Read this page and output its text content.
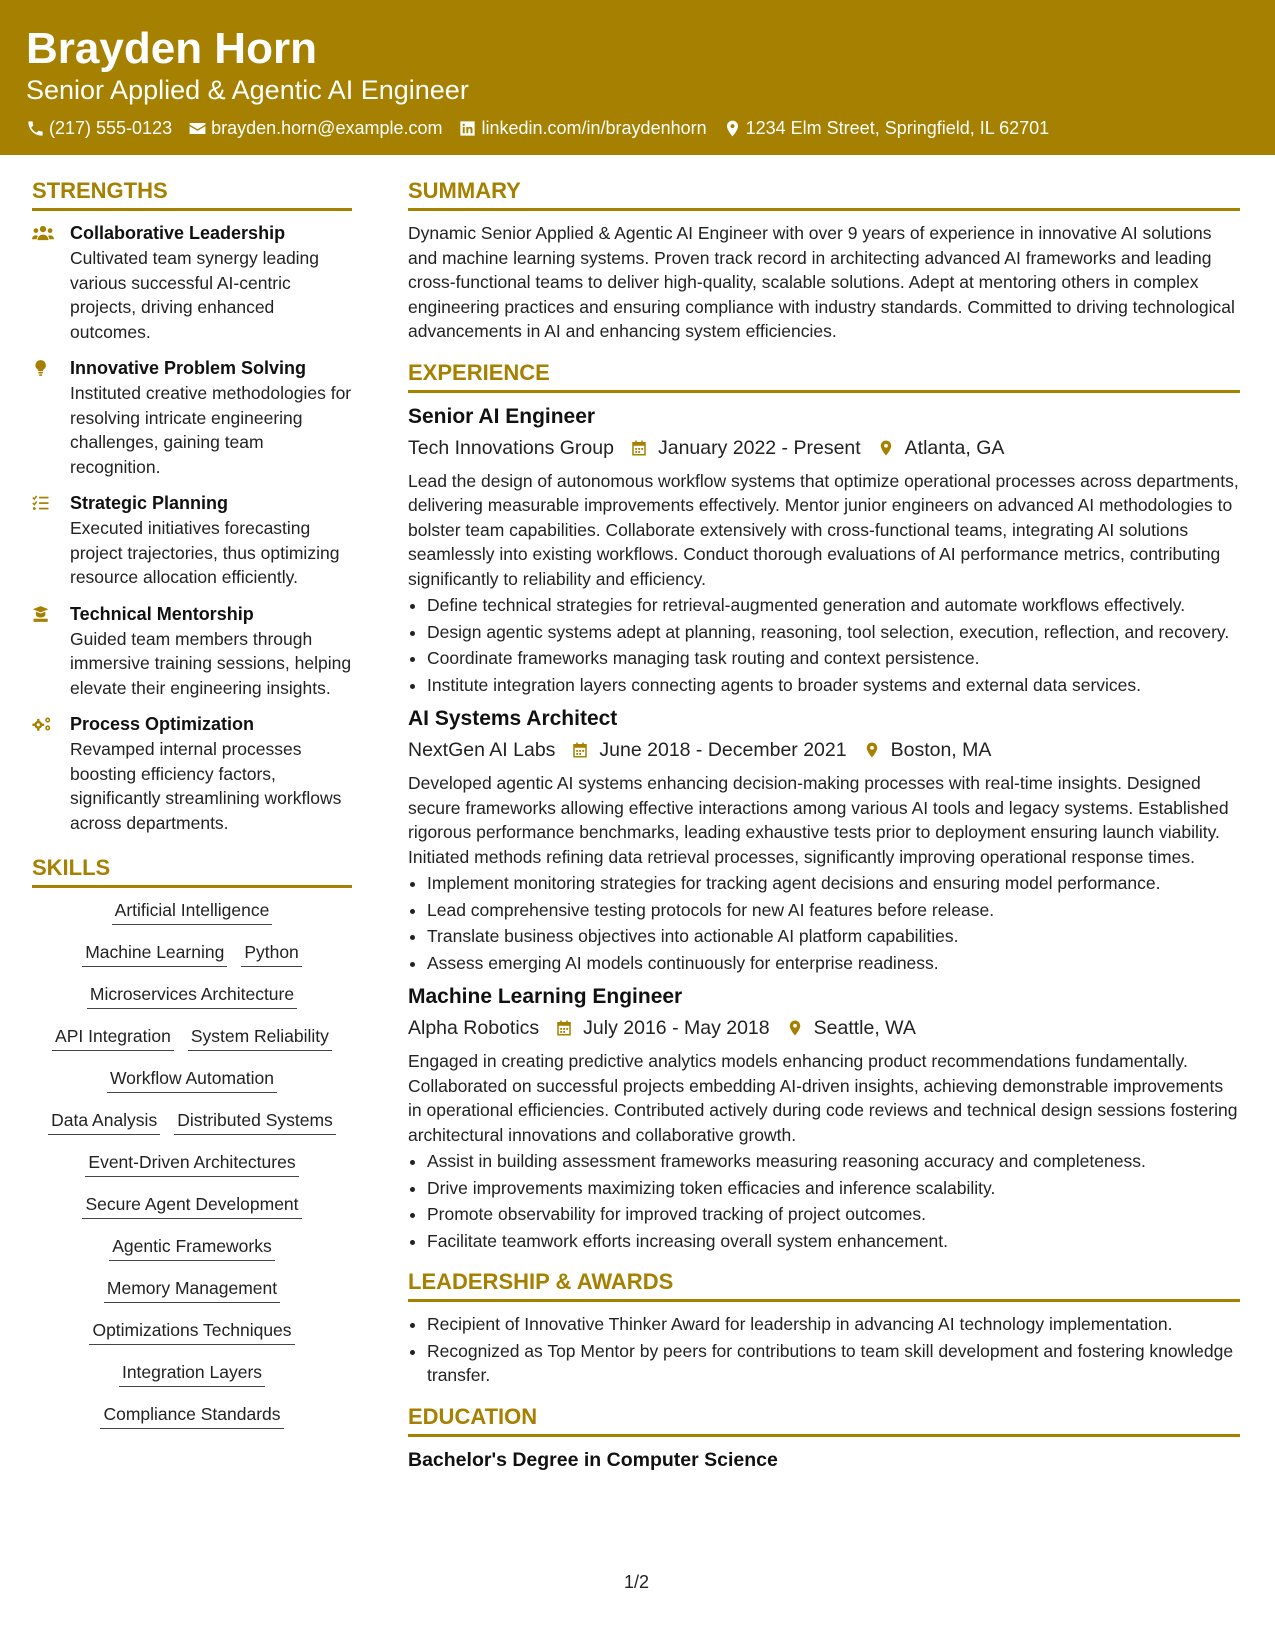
Brayden Horn
Senior Applied & Agentic AI Engineer
(217) 555-0123 brayden.horn@example.com linkedin.com/in/braydenhorn 1234 Elm Street, Springfield, IL 62701
STRENGTHS
Collaborative Leadership
Cultivated team synergy leading various successful AI-centric projects, driving enhanced outcomes.
Innovative Problem Solving
Instituted creative methodologies for resolving intricate engineering challenges, gaining team recognition.
Strategic Planning
Executed initiatives forecasting project trajectories, thus optimizing resource allocation efficiently.
Technical Mentorship
Guided team members through immersive training sessions, helping elevate their engineering insights.
Process Optimization
Revamped internal processes boosting efficiency factors, significantly streamlining workflows across departments.
SKILLS
Artificial Intelligence
Machine Learning Python
Microservices Architecture
API Integration System Reliability
Workflow Automation
Data Analysis Distributed Systems
Event-Driven Architectures
Secure Agent Development
Agentic Frameworks
Memory Management
Optimizations Techniques
Integration Layers
Compliance Standards
SUMMARY
Dynamic Senior Applied & Agentic AI Engineer with over 9 years of experience in innovative AI solutions and machine learning systems. Proven track record in architecting advanced AI frameworks and leading cross-functional teams to deliver high-quality, scalable solutions. Adept at mentoring others in complex engineering practices and ensuring compliance with industry standards. Committed to driving technological advancements in AI and enhancing system efficiencies.
EXPERIENCE
Senior AI Engineer
Tech Innovations Group January 2022 - Present Atlanta, GA
Lead the design of autonomous workflow systems that optimize operational processes across departments, delivering measurable improvements effectively. Mentor junior engineers on advanced AI methodologies to bolster team capabilities. Collaborate extensively with cross-functional teams, integrating AI solutions seamlessly into existing workflows. Conduct thorough evaluations of AI performance metrics, contributing significantly to reliability and efficiency.
• Define technical strategies for retrieval-augmented generation and automate workflows effectively.
• Design agentic systems adept at planning, reasoning, tool selection, execution, reflection, and recovery.
• Coordinate frameworks managing task routing and context persistence.
• Institute integration layers connecting agents to broader systems and external data services.
AI Systems Architect
NextGen AI Labs June 2018 - December 2021 Boston, MA
Developed agentic AI systems enhancing decision-making processes with real-time insights. Designed secure frameworks allowing effective interactions among various AI tools and legacy systems. Established rigorous performance benchmarks, leading exhaustive tests prior to deployment ensuring launch viability. Initiated methods refining data retrieval processes, significantly improving operational response times.
• Implement monitoring strategies for tracking agent decisions and ensuring model performance.
• Lead comprehensive testing protocols for new AI features before release.
• Translate business objectives into actionable AI platform capabilities.
• Assess emerging AI models continuously for enterprise readiness.
Machine Learning Engineer
Alpha Robotics July 2016 - May 2018 Seattle, WA
Engaged in creating predictive analytics models enhancing product recommendations fundamentally. Collaborated on successful projects embedding AI-driven insights, achieving demonstrable improvements in operational efficiencies. Contributed actively during code reviews and technical design sessions fostering architectural innovations and collaborative growth.
• Assist in building assessment frameworks measuring reasoning accuracy and completeness.
• Drive improvements maximizing token efficacies and inference scalability.
• Promote observability for improved tracking of project outcomes.
• Facilitate teamwork efforts increasing overall system enhancement.
LEADERSHIP & AWARDS
• Recipient of Innovative Thinker Award for leadership in advancing AI technology implementation.
• Recognized as Top Mentor by peers for contributions to team skill development and fostering knowledge transfer.
EDUCATION
Bachelor's Degree in Computer Science
1/2
